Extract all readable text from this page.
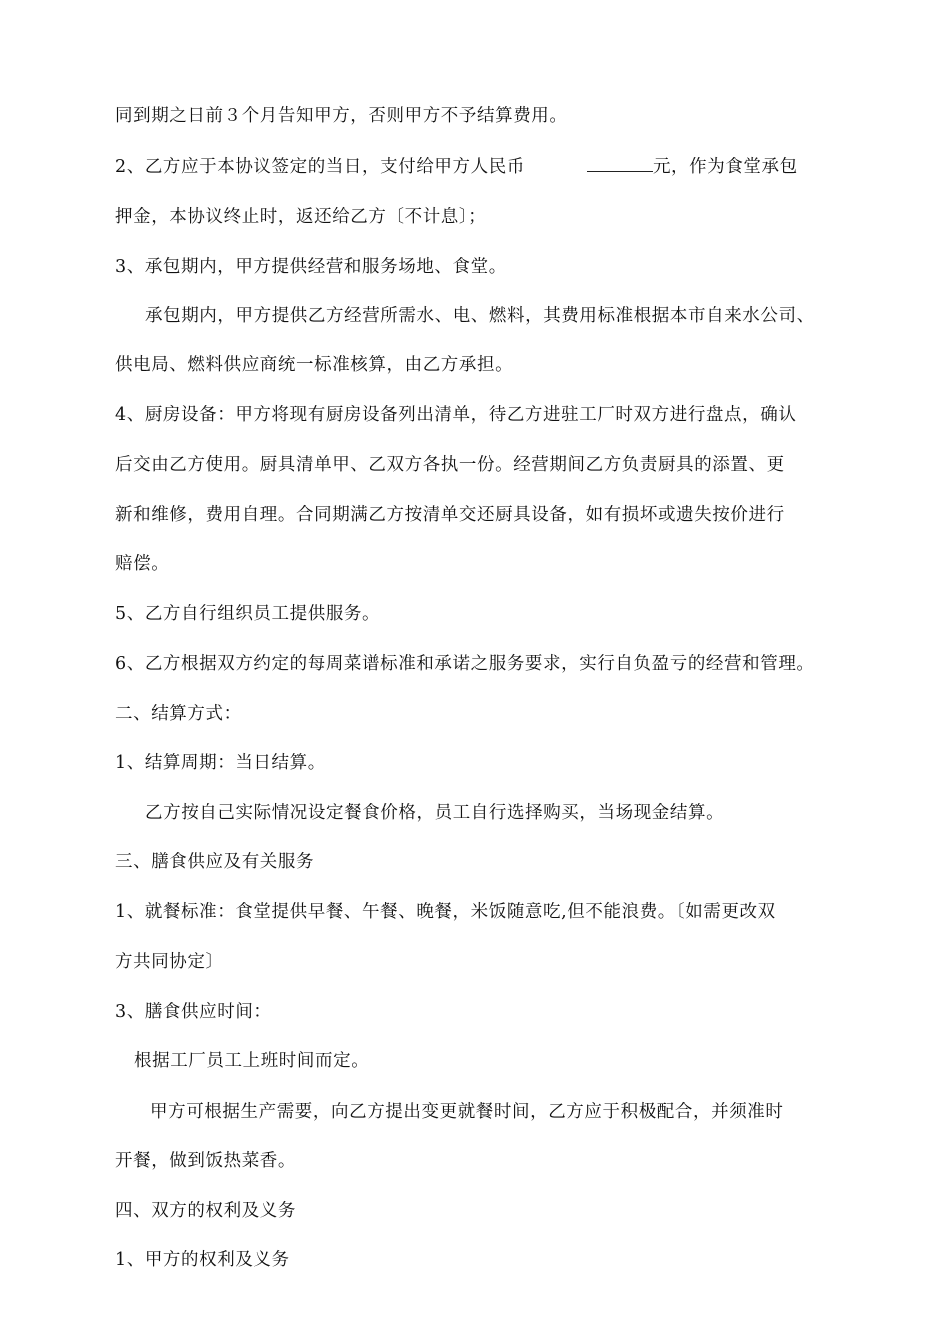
同到期之日前３个月告知甲方，否则甲方不予结算费用。
2、乙方应于本协议签定的当日，支付给甲方人民币	元，作为食堂承包
押金，本协议终止时，返还给乙方〔不计息〕；
3、承包期内，甲方提供经营和服务场地、食堂。
承包期内，甲方提供乙方经营所需水、电、燃料，其费用标准根据本市自来水公司、
供电局、燃料供应商统一标准核算，由乙方承担。
4、厨房设备：甲方将现有厨房设备列出清单，待乙方进驻工厂时双方进行盘点，确认
后交由乙方使用。厨具清单甲、乙双方各执一份。经营期间乙方负责厨具的添置、更
新和维修，费用自理。合同期满乙方按清单交还厨具设备，如有损坏或遗失按价进行
赔偿。
5、乙方自行组织员工提供服务。
6、乙方根据双方约定的每周菜谱标准和承诺之服务要求，实行自负盈亏的经营和管理。
二、结算方式：
1、结算周期：当日结算。
乙方按自己实际情况设定餐食价格，员工自行选择购买，当场现金结算。
三、膳食供应及有关服务
1、就餐标准：食堂提供早餐、午餐、晚餐，米饭随意吃,但不能浪费。〔如需更改双
方共同协定〕
3、膳食供应时间：
根据工厂员工上班时间而定。
甲方可根据生产需要，向乙方提出变更就餐时间，乙方应于积极配合，并须准时
开餐，做到饭热菜香。
四、双方的权利及义务
1、甲方的权利及义务
